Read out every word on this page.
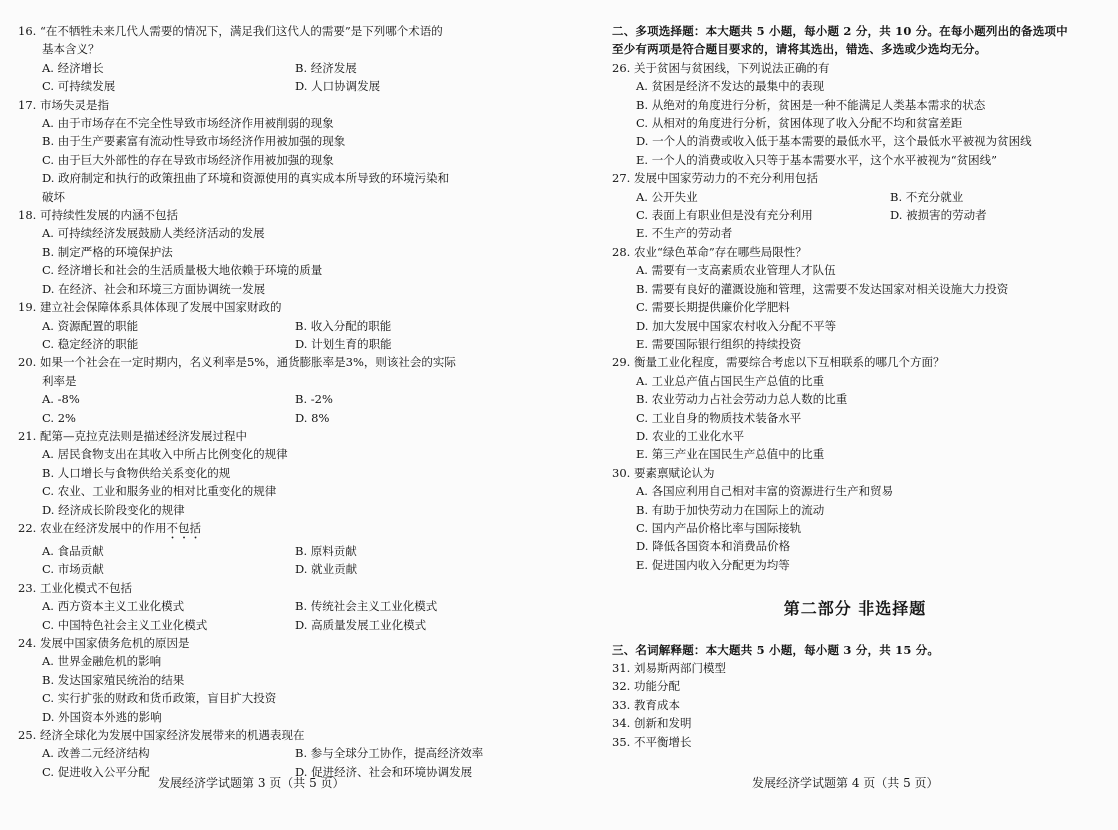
16. “在不牺牲未来几代人需要的情况下，满足我们这代人的需要”是下列哪个术语的
基本含义？
A. 经济增长	B. 经济发展
C. 可持续发展	D. 人口协调发展
17. 市场失灵是指
A. 由于市场存在不完全性导致市场经济作用被削弱的现象
B. 由于生产要素富有流动性导致市场经济作用被加强的现象
C. 由于巨大外部性的存在导致市场经济作用被加强的现象
D. 政府制定和执行的政策扭曲了环境和资源使用的真实成本所导致的环境污染和
破坏
18. 可持续性发展的内涵不包括
A. 可持续经济发展鼓励人类经济活动的发展
B. 制定严格的环境保护法
C. 经济增长和社会的生活质量极大地依赖于环境的质量
D. 在经济、社会和环境三方面协调统一发展
19. 建立社会保障体系具体体现了发展中国家财政的
A. 资源配置的职能	B. 收入分配的职能
C. 稳定经济的职能	D. 计划生育的职能
20. 如果一个社会在一定时期内，名义利率是5%，通货膨胀率是3%，则该社会的实际
利率是
A. -8%	B. -2%
C. 2%	D. 8%
21. 配第—克拉克法则是描述经济发展过程中
A. 居民食物支出在其收入中所占比例变化的规律
B. 人口增长与食物供给关系变化的规
C. 农业、工业和服务业的相对比重变化的规律
D. 经济成长阶段变化的规律
22. 农业在经济发展中的作用不包括
A. 食品贡献	B. 原料贡献
C. 市场贡献	D. 就业贡献
23. 工业化模式不包括
A. 西方资本主义工业化模式	B. 传统社会主义工业化模式
C. 中国特色社会主义工业化模式	D. 高质量发展工业化模式
24. 发展中国家债务危机的原因是
A. 世界金融危机的影响
B. 发达国家殖民统治的结果
C. 实行扩张的财政和货币政策，盲目扩大投资
D. 外国资本外逃的影响
25. 经济全球化为发展中国家经济发展带来的机遇表现在
A. 改善二元经济结构	B. 参与全球分工协作，提高经济效率
C. 促进收入公平分配	D. 促进经济、社会和环境协调发展
二、多项选择题：本大题共 5 小题，每小题 2 分，共 10 分。在每小题列出的备选项中
至少有两项是符合题目要求的，请将其选出，错选、多选或少选均无分。
26. 关于贫困与贫困线，下列说法正确的有
A. 贫困是经济不发达的最集中的表现
B. 从绝对的角度进行分析，贫困是一种不能满足人类基本需求的状态
C. 从相对的角度进行分析，贫困体现了收入分配不均和贫富差距
D. 一个人的消费或收入低于基本需要的最低水平，这个最低水平被视为贫困线
E. 一个人的消费或收入只等于基本需要水平，这个水平被视为“贫困线”
27. 发展中国家劳动力的不充分利用包括
A. 公开失业	B. 不充分就业
C. 表面上有职业但是没有充分利用	D. 被损害的劳动者
E. 不生产的劳动者
28. 农业“绿色革命”存在哪些局限性？
A. 需要有一支高素质农业管理人才队伍
B. 需要有良好的灌溉设施和管理，这需要不发达国家对相关设施大力投资
C. 需要长期提供廉价化学肥料
D. 加大发展中国家农村收入分配不平等
E. 需要国际银行组织的持续投资
29. 衡量工业化程度，需要综合考虑以下互相联系的哪几个方面？
A. 工业总产值占国民生产总值的比重
B. 农业劳动力占社会劳动力总人数的比重
C. 工业自身的物质技术装备水平
D. 农业的工业化水平
E. 第三产业在国民生产总值中的比重
30. 要素禀赋论认为
A. 各国应利用自己相对丰富的资源进行生产和贸易
B. 有助于加快劳动力在国际上的流动
C. 国内产品价格比率与国际接轨
D. 降低各国资本和消费品价格
E. 促进国内收入分配更为均等
第二部分 非选择题
三、名词解释题：本大题共 5 小题，每小题 3 分，共 15 分。
31. 刘易斯两部门模型
32. 功能分配
33. 教育成本
34. 创新和发明
35. 不平衡增长
发展经济学试题第 3 页（共 5 页）	发展经济学试题第 4 页（共 5 页）
